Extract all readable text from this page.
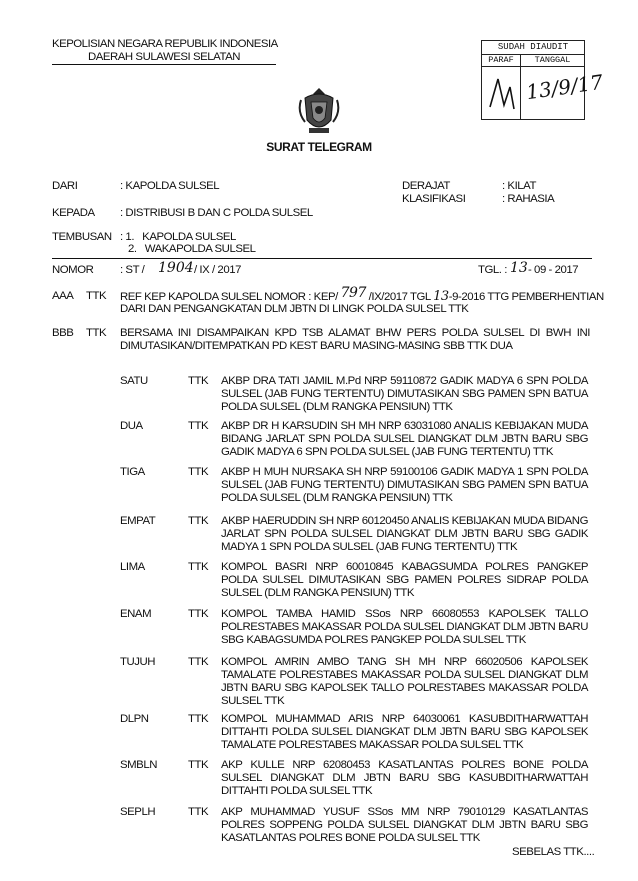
KEPOLISIAN NEGARA REPUBLIK INDONESIA
DAERAH SULAWESI SELATAN
SUDAH DIAUDIT
PARAF	TANGGAL
13/9/17
SURAT TELEGRAM
DARI	: KAPOLDA SULSEL	DERAJAT	: KILAT
KLASIFIKASI	: RAHASIA
KEPADA : DISTRIBUSI B DAN C POLDA SULSEL
TEMBUSAN : 1.   KAPOLDA SULSEL
2.   WAKAPOLDA SULSEL
NOMOR : ST / 1904 / IX / 2017	TGL. : 13 - 09 - 2017
AAA TTK REF KEP KAPOLDA SULSEL NOMOR : KEP/ 797 /IX/2017 TGL 13-9-2016 TTG PEMBERHENTIAN
DARI DAN PENGANGKATAN DLM JBTN DI LINGK POLDA SULSEL TTK
BBB TTK BERSAMA INI DISAMPAIKAN KPD TSB ALAMAT BHW PERS POLDA SULSEL DI BWH INI DIMUTASIKAN/DITEMPATKAN PD KEST BARU MASING-MASING SBB TTK DUA
SATU	TTK AKBP DRA TATI JAMIL M.Pd NRP 59110872 GADIK MADYA 6 SPN POLDA SULSEL (JAB FUNG TERTENTU) DIMUTASIKAN SBG PAMEN SPN BATUA POLDA SULSEL (DLM RANGKA PENSIUN) TTK
DUA	TTK AKBP DR H KARSUDIN SH MH NRP 63031080 ANALIS KEBIJAKAN MUDA BIDANG JARLAT SPN POLDA SULSEL DIANGKAT DLM JBTN BARU SBG GADIK MADYA 6 SPN POLDA SULSEL (JAB FUNG TERTENTU) TTK
TIGA	TTK AKBP H MUH NURSAKA SH NRP 59100106 GADIK MADYA 1 SPN POLDA SULSEL (JAB FUNG TERTENTU) DIMUTASIKAN SBG PAMEN SPN BATUA POLDA SULSEL (DLM RANGKA PENSIUN) TTK
EMPAT	TTK AKBP HAERUDDIN SH NRP 60120450 ANALIS KEBIJAKAN MUDA BIDANG JARLAT SPN POLDA SULSEL DIANGKAT DLM JBTN BARU SBG GADIK MADYA 1 SPN POLDA SULSEL (JAB FUNG TERTENTU) TTK
LIMA	TTK KOMPOL BASRI NRP 60010845 KABAGSUMDA POLRES PANGKEP POLDA SULSEL DIMUTASIKAN SBG PAMEN POLRES SIDRAP POLDA SULSEL (DLM RANGKA PENSIUN) TTK
ENAM	TTK KOMPOL TAMBA HAMID SSos NRP 66080553 KAPOLSEK TALLO POLRESTABES MAKASSAR POLDA SULSEL DIANGKAT DLM JBTN BARU SBG KABAGSUMDA POLRES PANGKEP POLDA SULSEL TTK
TUJUH	TTK KOMPOL AMRIN AMBO TANG SH MH NRP 66020506 KAPOLSEK TAMALATE POLRESTABES MAKASSAR POLDA SULSEL DIANGKAT DLM JBTN BARU SBG KAPOLSEK TALLO POLRESTABES MAKASSAR POLDA SULSEL TTK
DLPN	TTK KOMPOL MUHAMMAD ARIS NRP 64030061 KASUBDITHARWATTAH DITTAHTI POLDA SULSEL DIANGKAT DLM JBTN BARU SBG KAPOLSEK TAMALATE POLRESTABES MAKASSAR POLDA SULSEL TTK
SMBLN	TTK AKP KULLE NRP 62080453 KASATLANTAS POLRES BONE POLDA SULSEL DIANGKAT DLM JBTN BARU SBG KASUBDITHARWATTAH DITTAHTI POLDA SULSEL TTK
SEPLH	TTK AKP MUHAMMAD YUSUF SSos MM NRP 79010129 KASATLANTAS POLRES SOPPENG POLDA SULSEL DIANGKAT DLM JBTN BARU SBG KASATLANTAS POLRES BONE POLDA SULSEL TTK
SEBELAS TTK....
